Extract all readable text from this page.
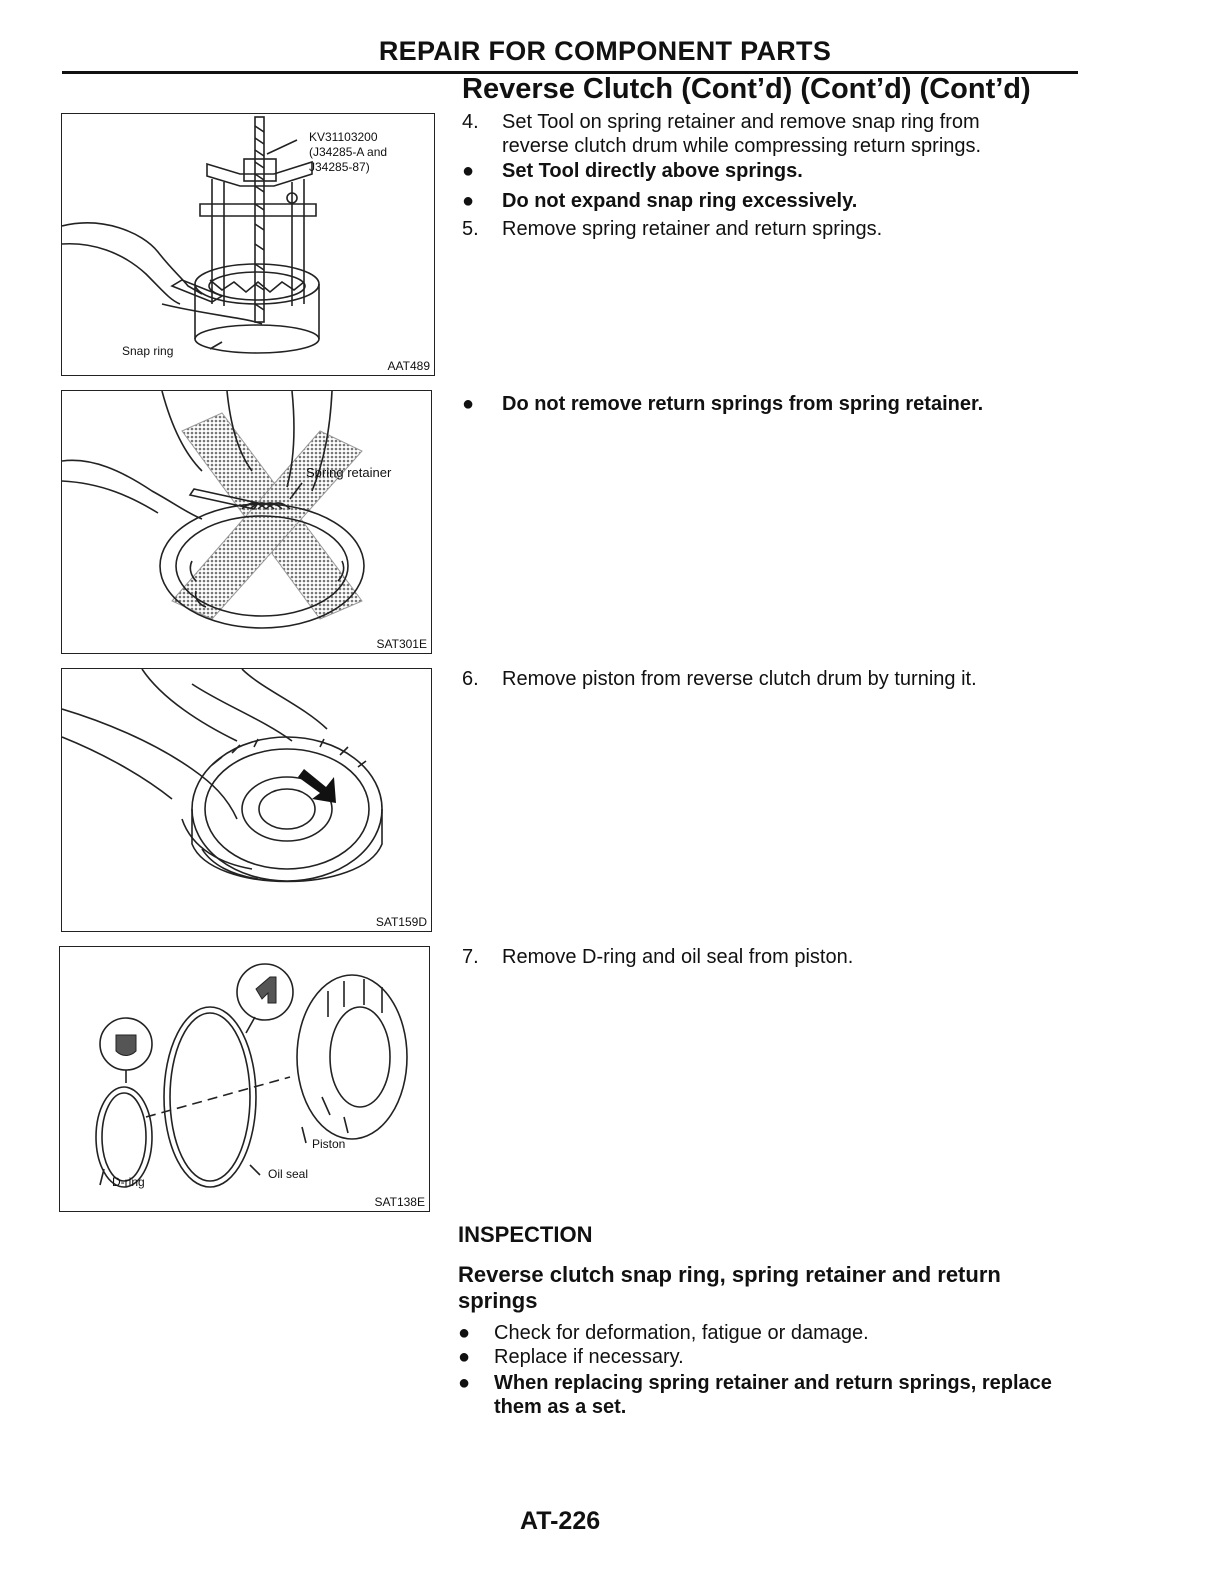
REPAIR FOR COMPONENT PARTS
Reverse Clutch (Cont’d) (Cont’d) (Cont’d)
KV31103200
(J34285-A and
J34285-87)
Snap ring
AAT489
Spring retainer
SAT301E
SAT159D
Piston
D-ring
Oil seal
SAT138E
4. Set Tool on spring retainer and remove snap ring from
reverse clutch drum while compressing return springs.
● Set Tool directly above springs.
● Do not expand snap ring excessively.
5. Remove spring retainer and return springs.
● Do not remove return springs from spring retainer.
6. Remove piston from reverse clutch drum by turning it.
7. Remove D-ring and oil seal from piston.
INSPECTION
Reverse clutch snap ring, spring retainer and return springs
● Check for deformation, fatigue or damage.
● Replace if necessary.
● When replacing spring retainer and return springs, replace them as a set.
AT-226
